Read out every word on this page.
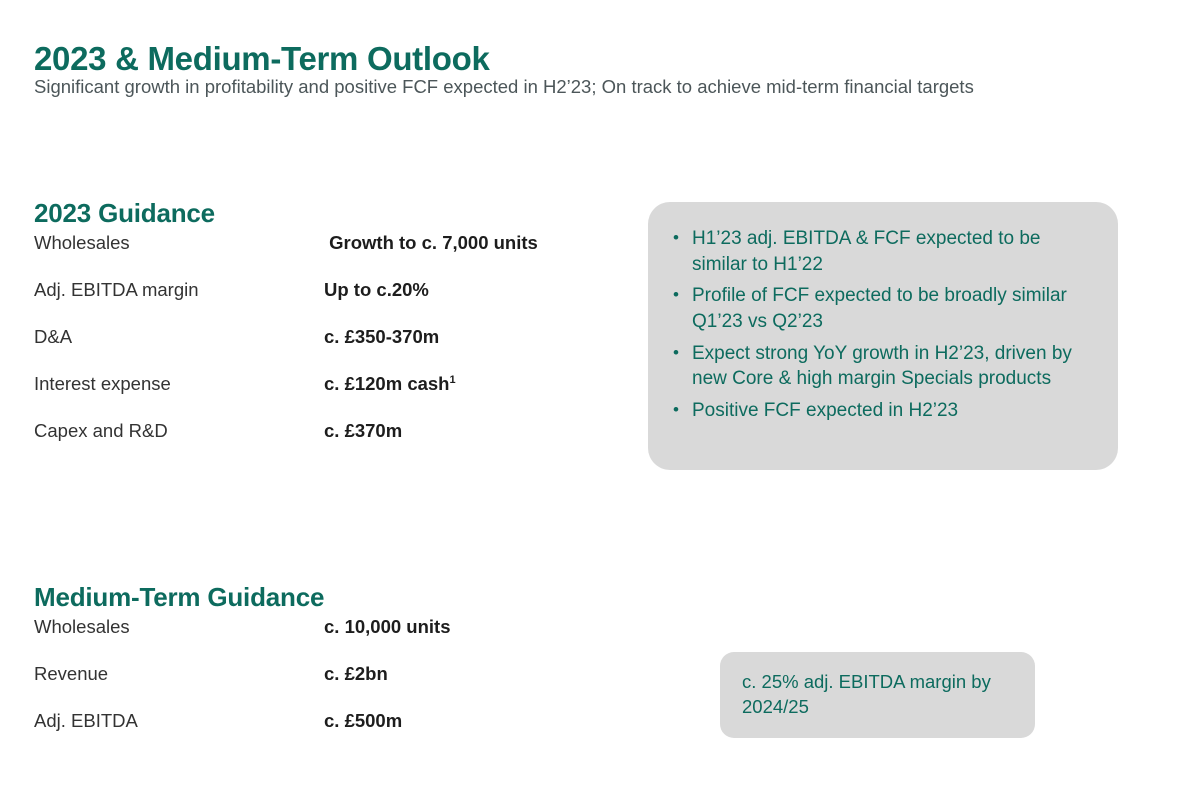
2023 & Medium-Term Outlook
Significant growth in profitability and positive FCF expected in H2’23; On track to achieve mid-term financial targets
2023 Guidance
Wholesales	Growth to c. 7,000 units
Adj. EBITDA margin	Up to c.20%
D&A	c. £350-370m
Interest expense	c. £120m cash$^1$
Capex and R&D	c. £370m
• H1’23 adj. EBITDA & FCF expected to be similar to H1’22
• Profile of FCF expected to be broadly similar Q1’23 vs Q2’23
• Expect strong YoY growth in H2’23, driven by new Core & high margin Specials products
• Positive FCF expected in H2’23
Medium-Term Guidance
Wholesales	c. 10,000 units
Revenue	c. £2bn
Adj. EBITDA	c. £500m
c. 25% adj. EBITDA margin by 2024/25
